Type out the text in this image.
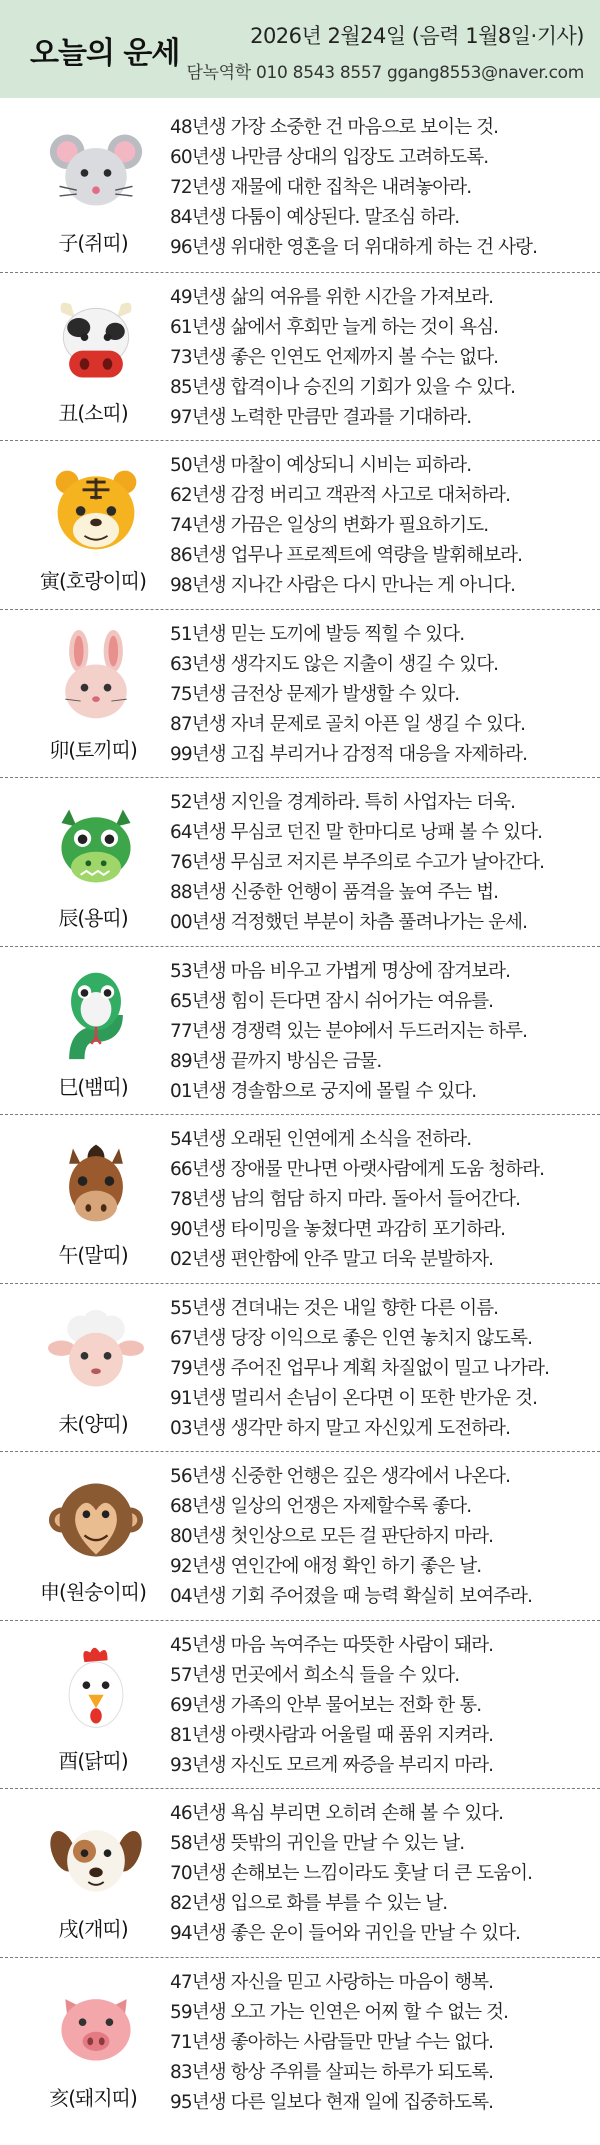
오늘의 운세	2026년 2월24일 (음력 1월8일·기사)
담녹역학 010 8543 8557 ggang8553@naver.com
子(쥐띠)
48년생 가장 소중한 건 마음으로 보이는 것.
60년생 나만큼 상대의 입장도 고려하도록.
72년생 재물에 대한 집착은 내려놓아라.
84년생 다툼이 예상된다. 말조심 하라.
96년생 위대한 영혼을 더 위대하게 하는 건 사랑.
丑(소띠)
49년생 삶의 여유를 위한 시간을 가져보라.
61년생 삶에서 후회만 늘게 하는 것이 욕심.
73년생 좋은 인연도 언제까지 볼 수는 없다.
85년생 합격이나 승진의 기회가 있을 수 있다.
97년생 노력한 만큼만 결과를 기대하라.
寅(호랑이띠)
50년생 마찰이 예상되니 시비는 피하라.
62년생 감정 버리고 객관적 사고로 대처하라.
74년생 가끔은 일상의 변화가 필요하기도.
86년생 업무나 프로젝트에 역량을 발휘해보라.
98년생 지나간 사람은 다시 만나는 게 아니다.
卯(토끼띠)
51년생 믿는 도끼에 발등 찍힐 수 있다.
63년생 생각지도 않은 지출이 생길 수 있다.
75년생 금전상 문제가 발생할 수 있다.
87년생 자녀 문제로 골치 아픈 일 생길 수 있다.
99년생 고집 부리거나 감정적 대응을 자제하라.
辰(용띠)
52년생 지인을 경계하라. 특히 사업자는 더욱.
64년생 무심코 던진 말 한마디로 낭패 볼 수 있다.
76년생 무심코 저지른 부주의로 수고가 날아간다.
88년생 신중한 언행이 품격을 높여 주는 법.
00년생 걱정했던 부분이 차츰 풀려나가는 운세.
巳(뱀띠)
53년생 마음 비우고 가볍게 명상에 잠겨보라.
65년생 힘이 든다면 잠시 쉬어가는 여유를.
77년생 경쟁력 있는 분야에서 두드러지는 하루.
89년생 끝까지 방심은 금물.
01년생 경솔함으로 궁지에 몰릴 수 있다.
午(말띠)
54년생 오래된 인연에게 소식을 전하라.
66년생 장애물 만나면 아랫사람에게 도움 청하라.
78년생 남의 험담 하지 마라. 돌아서 들어간다.
90년생 타이밍을 놓쳤다면 과감히 포기하라.
02년생 편안함에 안주 말고 더욱 분발하자.
未(양띠)
55년생 견뎌내는 것은 내일 향한 다른 이름.
67년생 당장 이익으로 좋은 인연 놓치지 않도록.
79년생 주어진 업무나 계획 차질없이 밀고 나가라.
91년생 멀리서 손님이 온다면 이 또한 반가운 것.
03년생 생각만 하지 말고 자신있게 도전하라.
申(원숭이띠)
56년생 신중한 언행은 깊은 생각에서 나온다.
68년생 일상의 언쟁은 자제할수록 좋다.
80년생 첫인상으로 모든 걸 판단하지 마라.
92년생 연인간에 애정 확인 하기 좋은 날.
04년생 기회 주어졌을 때 능력 확실히 보여주라.
酉(닭띠)
45년생 마음 녹여주는 따뜻한 사람이 돼라.
57년생 먼곳에서 희소식 들을 수 있다.
69년생 가족의 안부 물어보는 전화 한 통.
81년생 아랫사람과 어울릴 때 품위 지켜라.
93년생 자신도 모르게 짜증을 부리지 마라.
戌(개띠)
46년생 욕심 부리면 오히려 손해 볼 수 있다.
58년생 뜻밖의 귀인을 만날 수 있는 날.
70년생 손해보는 느낌이라도 훗날 더 큰 도움이.
82년생 입으로 화를 부를 수 있는 날.
94년생 좋은 운이 들어와 귀인을 만날 수 있다.
亥(돼지띠)
47년생 자신을 믿고 사랑하는 마음이 행복.
59년생 오고 가는 인연은 어찌 할 수 없는 것.
71년생 좋아하는 사람들만 만날 수는 없다.
83년생 항상 주위를 살피는 하루가 되도록.
95년생 다른 일보다 현재 일에 집중하도록.
